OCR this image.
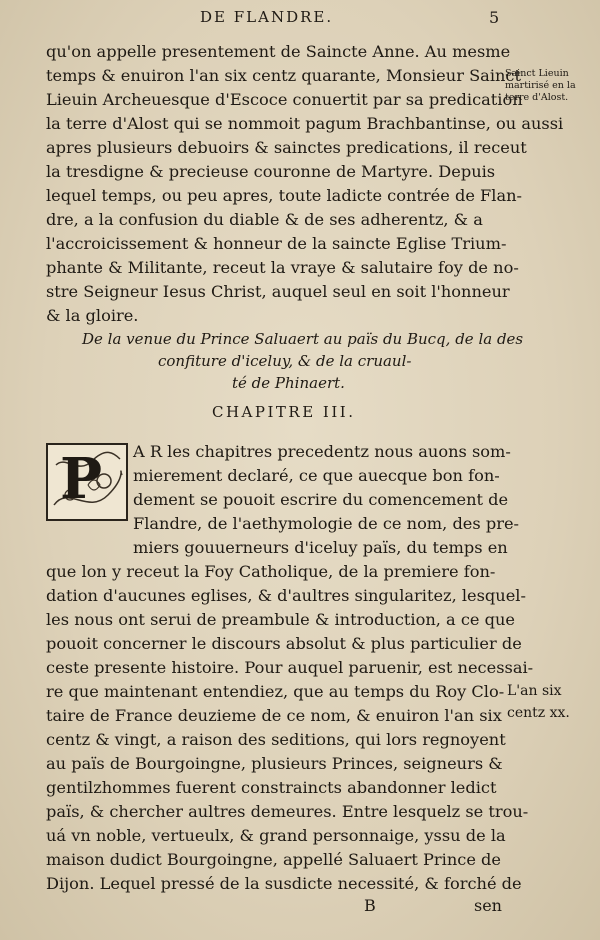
DE FLANDRE.	5
qu'on appelle presentement de Saincte Anne. Au mesme
temps & enuiron l'an six centz quarante, Monsieur Sainct
Lieuin Archeuesque d'Escoce conuertit par sa predication
la terre d'Alost qui se nommoit pagum Brachbantinse, ou aussi
apres plusieurs debuoirs & sainctes predications, il receut
la tresdigne & precieuse couronne de Martyre. Depuis
lequel temps, ou peu apres, toute ladicte contrée de Flan-
dre, a la confusion du diable & de ses adherentz, & a
l'accroicissement & honneur de la saincte Eglise Trium-
phante & Militante, receut la vraye & salutaire foy de no-
stre Seigneur Iesus Christ, auquel seul en soit l'honneur
& la gloire.
Sainct Lieuin
martirisé en la
terre d'Alost.
De la venue du Prince Saluaert au païs du Bucq, de la des
confiture d'iceluy, & de la cruaul-
té de Phinaert.
CHAPITRE III.
P A R les chapitres precedentz nous auons som-
mierement declaré, ce que auecque bon fon-
dement se pouoit escrire du comencement de
Flandre, de l'aethymologie de ce nom, des pre-
miers gouuerneurs d'iceluy païs, du temps en
que lon y receut la Foy Catholique, de la premiere fon-
dation d'aucunes eglises, & d'aultres singularitez, lesquel-
les nous ont serui de preambule & introduction, a ce que
pouoit concerner le discours absolut & plus particulier de
ceste presente histoire. Pour auquel paruenir, est necessai-
re que maintenant entendiez, que au temps du Roy Clo-
taire de France deuzieme de ce nom, & enuiron l'an six
centz & vingt, a raison des seditions, qui lors regnoyent
au païs de Bourgoingne, plusieurs Princes, seigneurs &
gentilzhommes fuerent constraincts abandonner ledict
païs, & chercher aultres demeures. Entre lesquelz se trou-
uá vn noble, vertueulx, & grand personnaige, yssu de la
maison dudict Bourgoingne, appellé Saluaert Prince de
Dijon. Lequel pressé de la susdicte necessité, & forché de
L'an six
centz xx.
B	sen
